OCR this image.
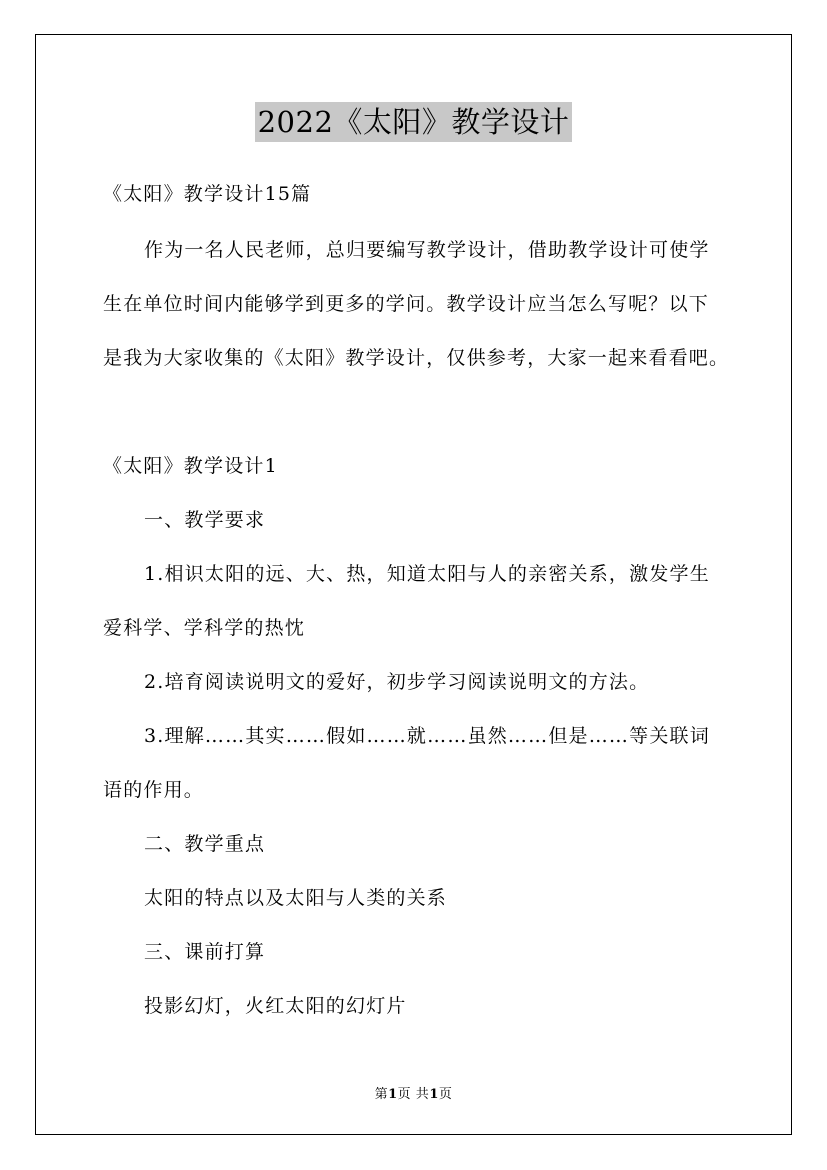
2022《太阳》教学设计
《太阳》教学设计15篇
作为一名人民老师，总归要编写教学设计，借助教学设计可使学
生在单位时间内能够学到更多的学问。教学设计应当怎么写呢？以下
是我为大家收集的《太阳》教学设计，仅供参考，大家一起来看看吧。
《太阳》教学设计1
一、教学要求
1.相识太阳的远、大、热，知道太阳与人的亲密关系，激发学生
爱科学、学科学的热忱
2.培育阅读说明文的爱好，初步学习阅读说明文的方法。
3.理解……其实……假如……就……虽然……但是……等关联词
语的作用。
二、教学重点
太阳的特点以及太阳与人类的关系
三、课前打算
投影幻灯，火红太阳的幻灯片
第1页 共1页
